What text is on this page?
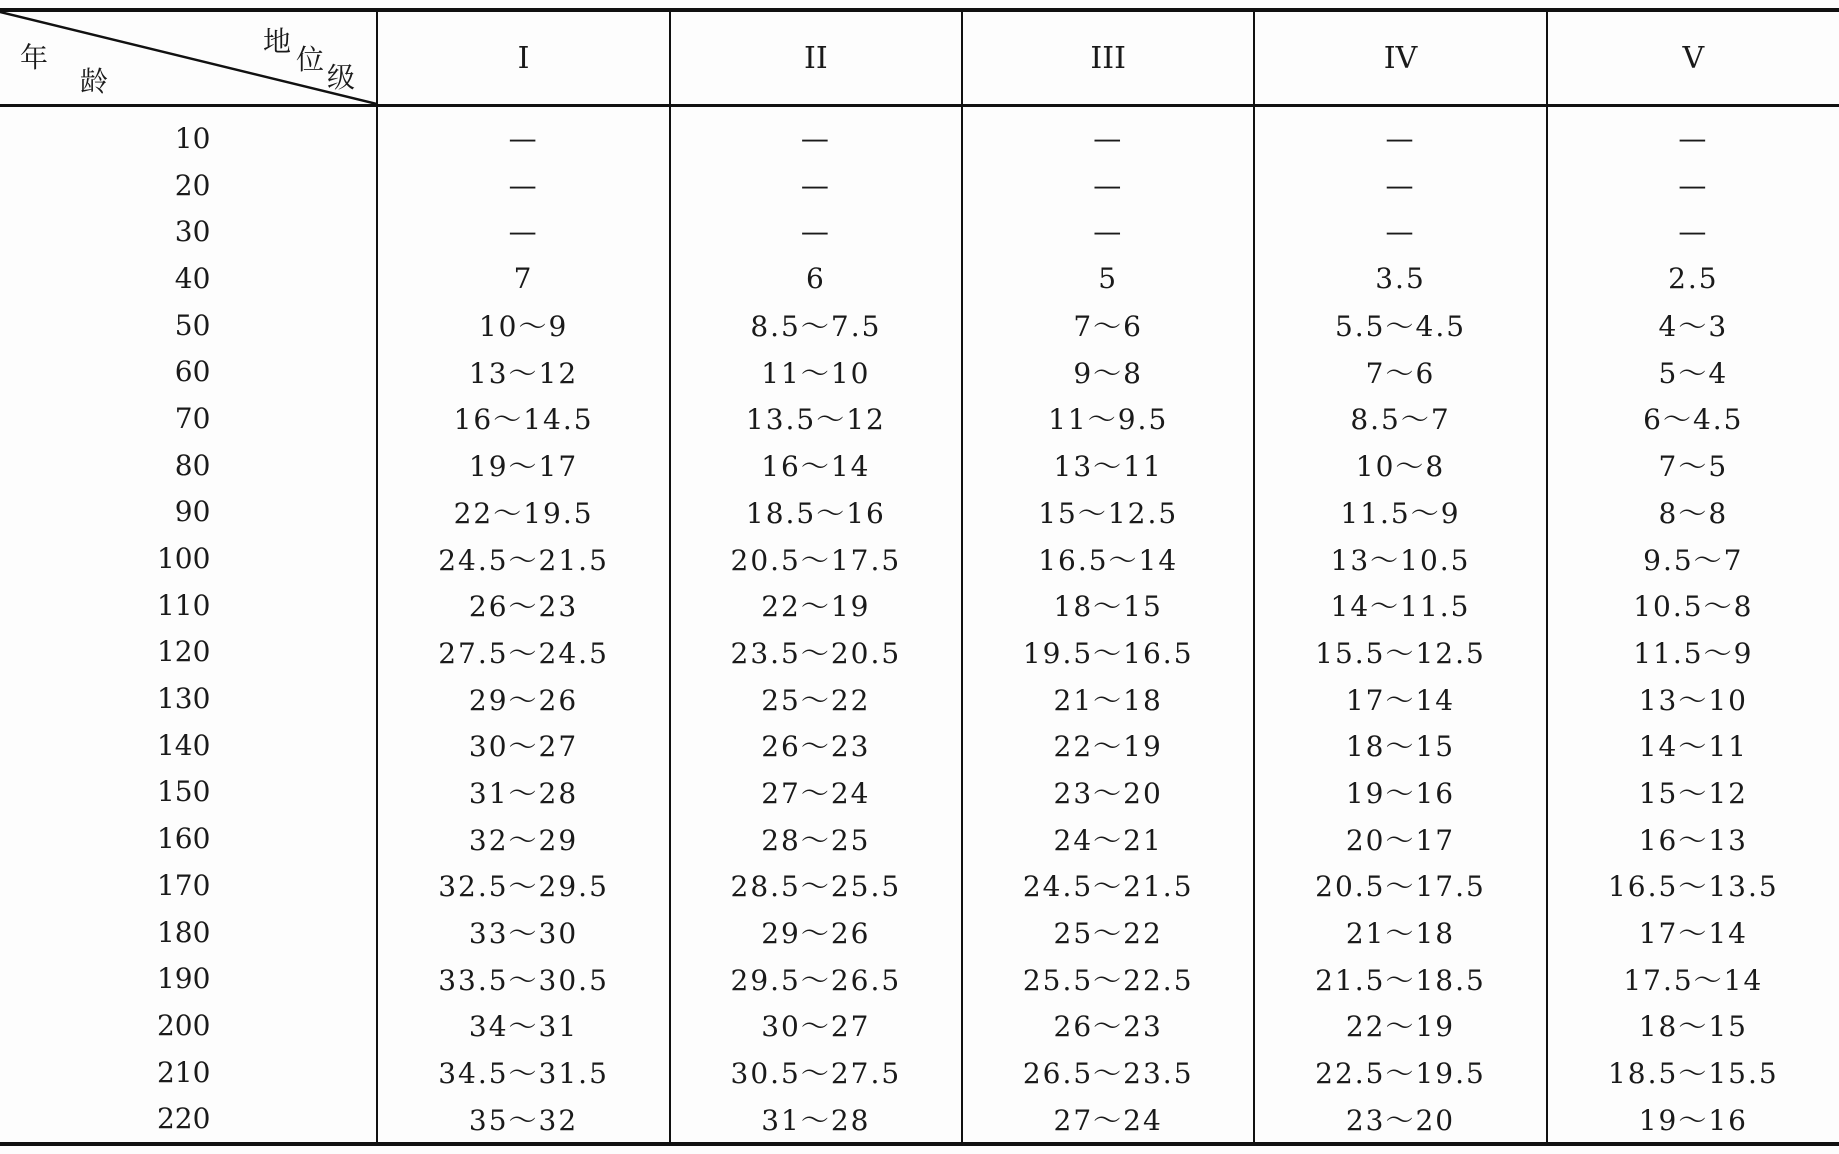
年
龄
地
位
级	I	II	III	IV	V
10	—	—	—	—	—
20	—	—	—	—	—
30	—	—	—	—	—
40	7	6	5	3.5	2.5
50	10～9	8.5～7.5	7～6	5.5～4.5	4～3
60	13～12	11～10	9～8	7～6	5～4
70	16～14.5	13.5～12	11～9.5	8.5～7	6～4.5
80	19～17	16～14	13～11	10～8	7～5
90	22～19.5	18.5～16	15～12.5	11.5～9	8～8
100	24.5～21.5	20.5～17.5	16.5～14	13～10.5	9.5～7
110	26～23	22～19	18～15	14～11.5	10.5～8
120	27.5～24.5	23.5～20.5	19.5～16.5	15.5～12.5	11.5～9
130	29～26	25～22	21～18	17～14	13～10
140	30～27	26～23	22～19	18～15	14～11
150	31～28	27～24	23～20	19～16	15～12
160	32～29	28～25	24～21	20～17	16～13
170	32.5～29.5	28.5～25.5	24.5～21.5	20.5～17.5	16.5～13.5
180	33～30	29～26	25～22	21～18	17～14
190	33.5～30.5	29.5～26.5	25.5～22.5	21.5～18.5	17.5～14
200	34～31	30～27	26～23	22～19	18～15
210	34.5～31.5	30.5～27.5	26.5～23.5	22.5～19.5	18.5～15.5
220	35～32	31～28	27～24	23～20	19～16
